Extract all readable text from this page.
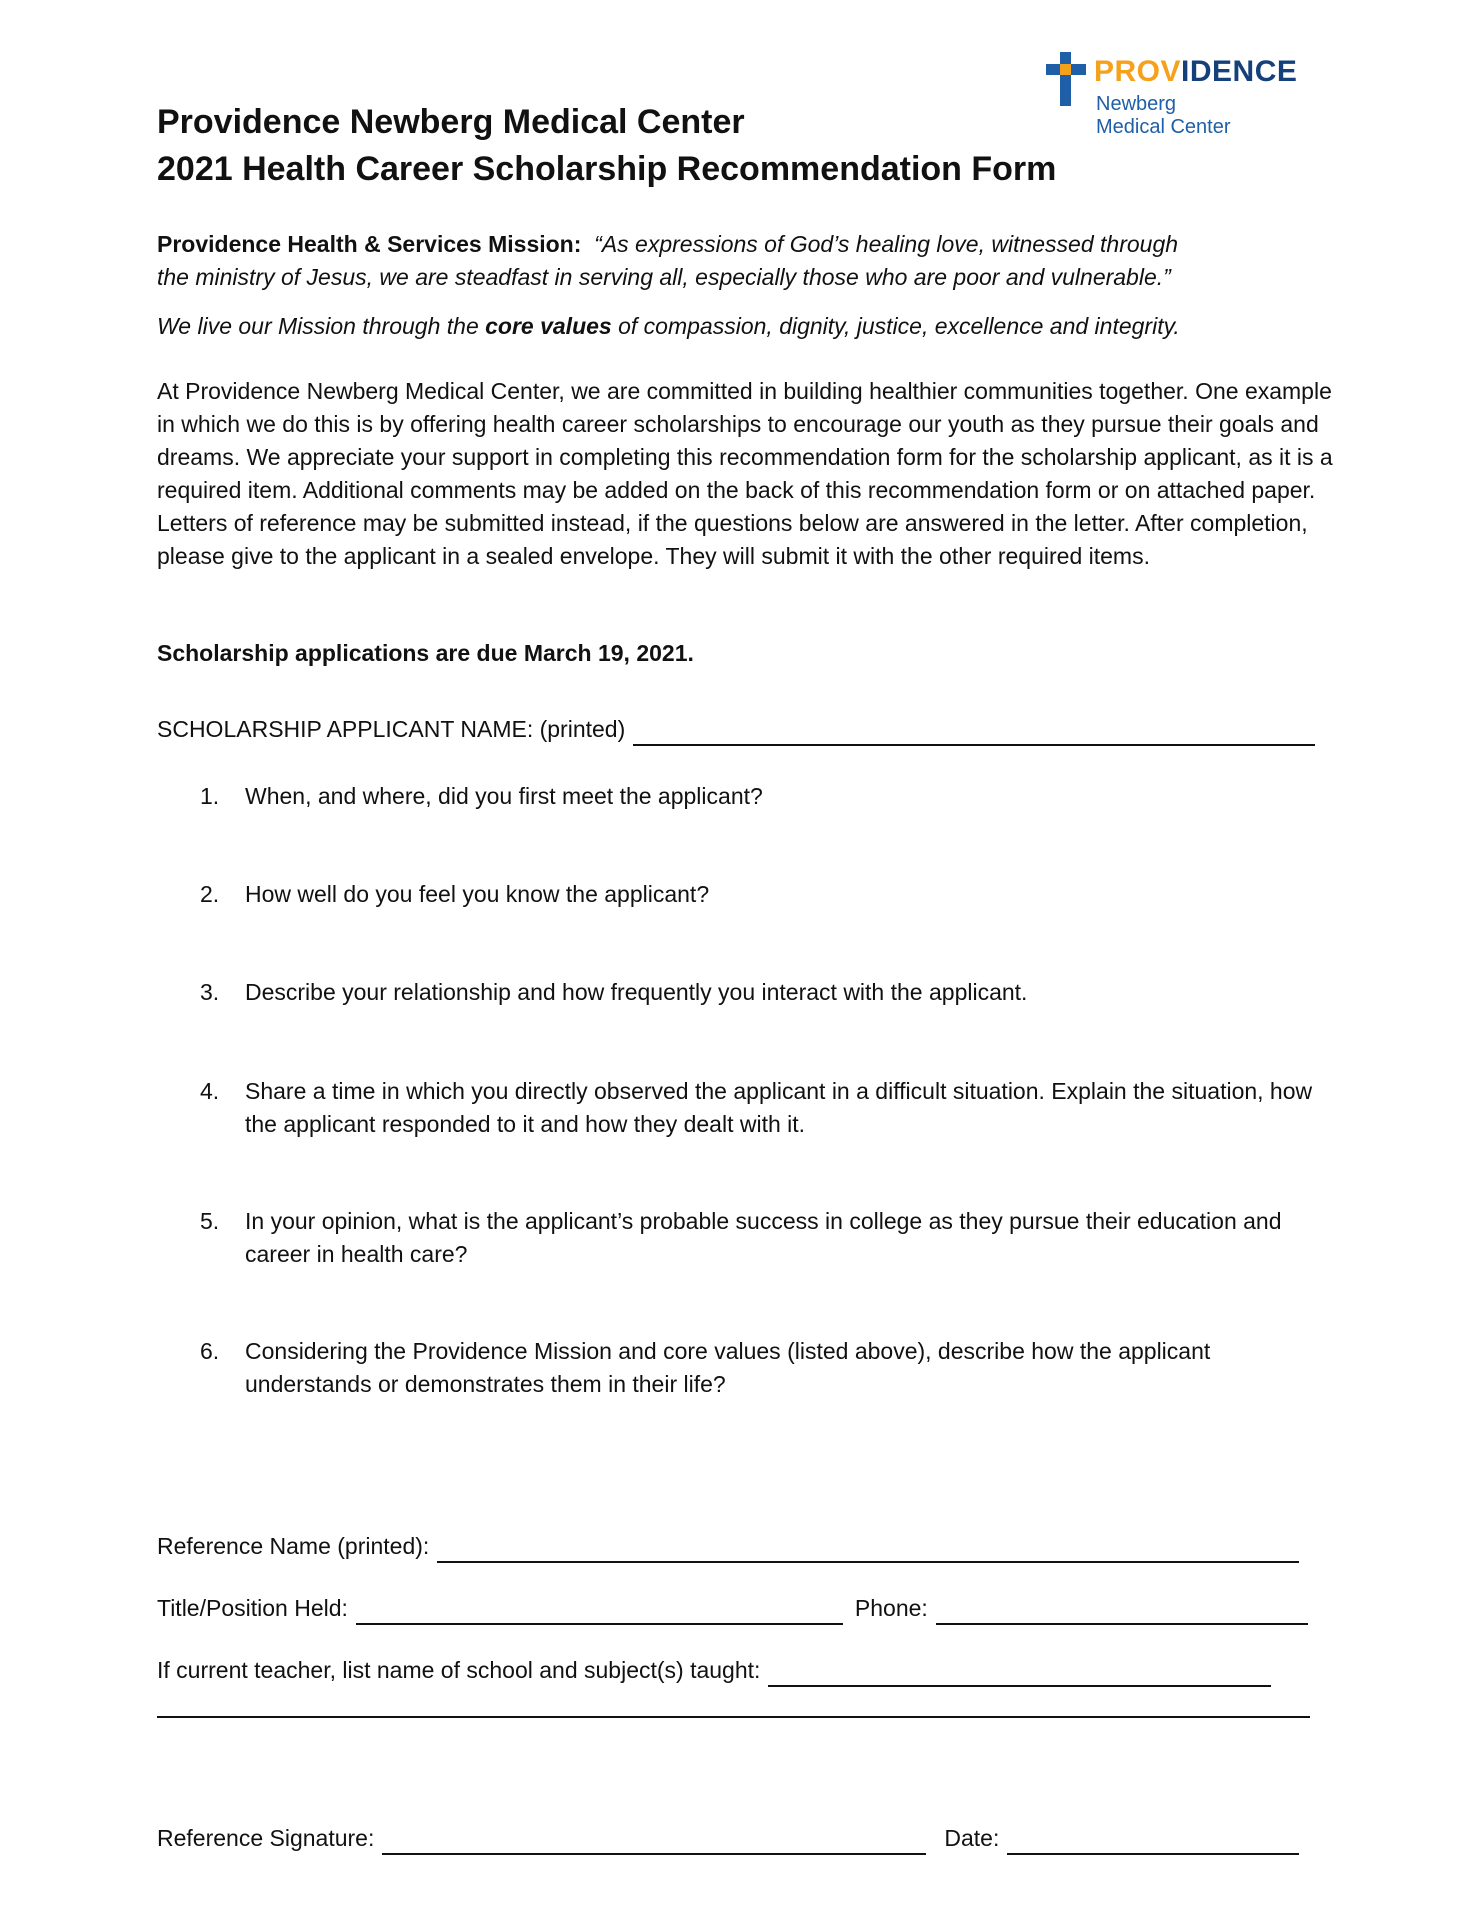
PROVIDENCE
Newberg
Medical Center
Providence Newberg Medical Center
2021 Health Career Scholarship Recommendation Form
Providence Health & Services Mission: “As expressions of God’s healing love, witnessed through
the ministry of Jesus, we are steadfast in serving all, especially those who are poor and vulnerable.”
We live our Mission through the core values of compassion, dignity, justice, excellence and integrity.
At Providence Newberg Medical Center, we are committed in building healthier communities together. One example in which we do this is by offering health career scholarships to encourage our youth as they pursue their goals and dreams. We appreciate your support in completing this recommendation form for the scholarship applicant, as it is a required item. Additional comments may be added on the back of this recommendation form or on attached paper. Letters of reference may be submitted instead, if the questions below are answered in the letter. After completion, please give to the applicant in a sealed envelope. They will submit it with the other required items.
Scholarship applications are due March 19, 2021.
SCHOLARSHIP APPLICANT NAME: (printed)
1.	When, and where, did you first meet the applicant?
2.	How well do you feel you know the applicant?
3.	Describe your relationship and how frequently you interact with the applicant.
4.	Share a time in which you directly observed the applicant in a difficult situation. Explain the situation, how the applicant responded to it and how they dealt with it.
5.	In your opinion, what is the applicant’s probable success in college as they pursue their education and career in health care?
6.	Considering the Providence Mission and core values (listed above), describe how the applicant understands or demonstrates them in their life?
Reference Name (printed):
Title/Position Held:	Phone:
If current teacher, list name of school and subject(s) taught:
Reference Signature:	Date:
